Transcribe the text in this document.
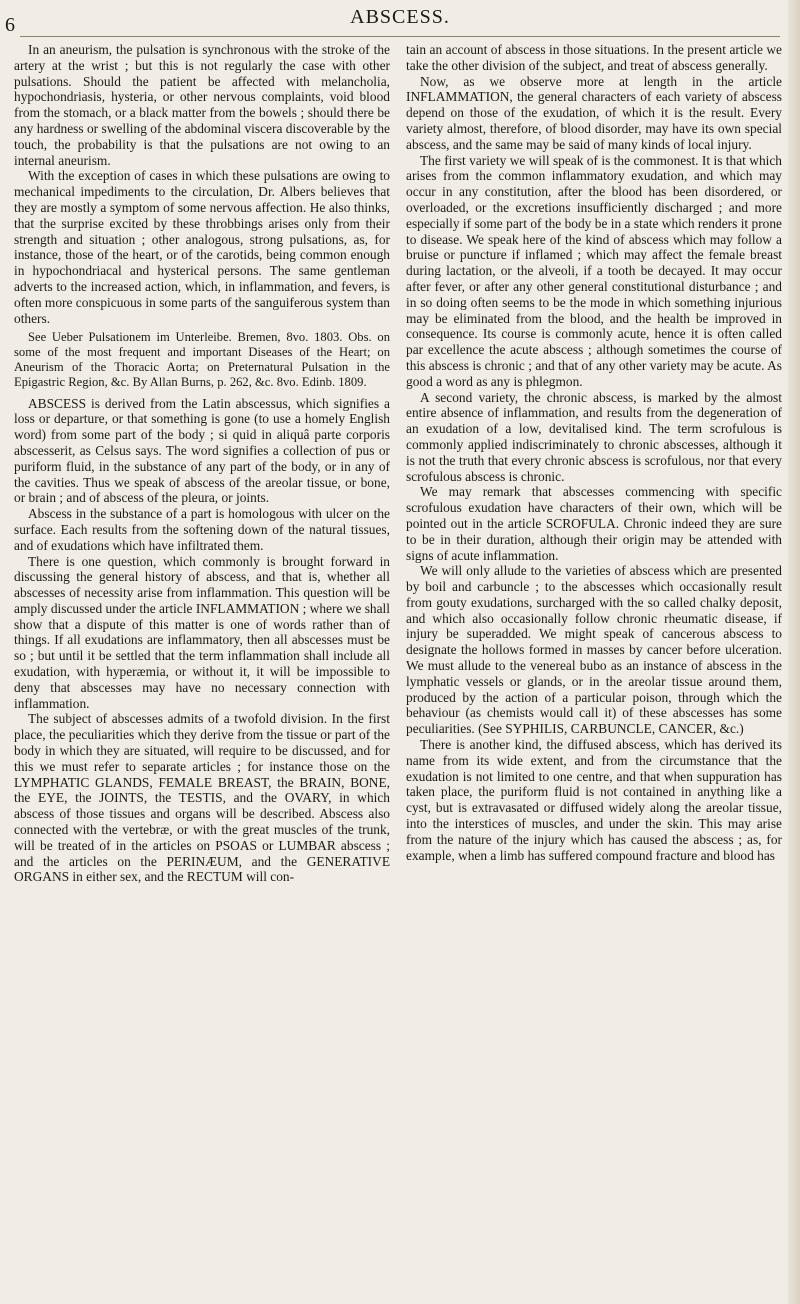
6	ABSCESS.

In an aneurism, the pulsation is synchronous with the stroke of the artery at the wrist ; but this is not regularly the case with other pulsations. Should the patient be affected with melancholia, hypochondriasis, hysteria, or other nervous complaints, void blood from the stomach, or a black matter from the bowels ; should there be any hardness or swelling of the abdominal viscera discoverable by the touch, the probability is that the pulsations are not owing to an internal aneurism.

With the exception of cases in which these pulsations are owing to mechanical impediments to the circulation, Dr. Albers believes that they are mostly a symptom of some nervous affection. He also thinks, that the surprise excited by these throbbings arises only from their strength and situation ; other analogous, strong pulsations, as, for instance, those of the heart, or of the carotids, being common enough in hypochondriacal and hysterical persons. The same gentleman adverts to the increased action, which, in inflammation, and fevers, is often more conspicuous in some parts of the sanguiferous system than others.

See Ueber Pulsationem im Unterleibe. Bremen, 8vo. 1803. Obs. on some of the most frequent and important Diseases of the Heart; on Aneurism of the Thoracic Aorta; on Preternatural Pulsation in the Epigastric Region, &c. By Allan Burns, p. 262, &c. 8vo. Edinb. 1809.

ABSCESS is derived from the Latin abscessus, which signifies a loss or departure, or that something is gone (to use a homely English word) from some part of the body ; si quid in aliquâ parte corporis abscesserit, as Celsus says. The word signifies a collection of pus or puriform fluid, in the substance of any part of the body, or in any of the cavities. Thus we speak of abscess of the areolar tissue, or bone, or brain ; and of abscess of the pleura, or joints.

Abscess in the substance of a part is homologous with ulcer on the surface. Each results from the softening down of the natural tissues, and of exudations which have infiltrated them.

There is one question, which commonly is brought forward in discussing the general history of abscess, and that is, whether all abscesses of necessity arise from inflammation. This question will be amply discussed under the article INFLAMMATION ; where we shall show that a dispute of this matter is one of words rather than of things. If all exudations are inflammatory, then all abscesses must be so ; but until it be settled that the term inflammation shall include all exudation, with hyperæmia, or without it, it will be impossible to deny that abscesses may have no necessary connection with inflammation.

The subject of abscesses admits of a twofold division. In the first place, the peculiarities which they derive from the tissue or part of the body in which they are situated, will require to be discussed, and for this we must refer to separate articles ; for instance those on the LYMPHATIC GLANDS, FEMALE BREAST, the BRAIN, BONE, the EYE, the JOINTS, the TESTIS, and the OVARY, in which abscess of those tissues and organs will be described. Abscess also connected with the vertebræ, or with the great muscles of the trunk, will be treated of in the articles on PSOAS or LUMBAR abscess ; and the articles on the PERINÆUM, and the GENERATIVE ORGANS in either sex, and the RECTUM will con-

tain an account of abscess in those situations. In the present article we take the other division of the subject, and treat of abscess generally.

Now, as we observe more at length in the article INFLAMMATION, the general characters of each variety of abscess depend on those of the exudation, of which it is the result. Every variety almost, therefore, of blood disorder, may have its own special abscess, and the same may be said of many kinds of local injury.

The first variety we will speak of is the commonest. It is that which arises from the common inflammatory exudation, and which may occur in any constitution, after the blood has been disordered, or overloaded, or the excretions insufficiently discharged ; and more especially if some part of the body be in a state which renders it prone to disease. We speak here of the kind of abscess which may follow a bruise or puncture if inflamed ; which may affect the female breast during lactation, or the alveoli, if a tooth be decayed. It may occur after fever, or after any other general constitutional disturbance ; and in so doing often seems to be the mode in which something injurious may be eliminated from the blood, and the health be improved in consequence. Its course is commonly acute, hence it is often called par excellence the acute abscess ; although sometimes the course of this abscess is chronic ; and that of any other variety may be acute. As good a word as any is phlegmon.

A second variety, the chronic abscess, is marked by the almost entire absence of inflammation, and results from the degeneration of an exudation of a low, devitalised kind. The term scrofulous is commonly applied indiscriminately to chronic abscesses, although it is not the truth that every chronic abscess is scrofulous, nor that every scrofulous abscess is chronic.

We may remark that abscesses commencing with specific scrofulous exudation have characters of their own, which will be pointed out in the article SCROFULA. Chronic indeed they are sure to be in their duration, although their origin may be attended with signs of acute inflammation.

We will only allude to the varieties of abscess which are presented by boil and carbuncle ; to the abscesses which occasionally result from gouty exudations, surcharged with the so called chalky deposit, and which also occasionally follow chronic rheumatic disease, if injury be superadded. We might speak of cancerous abscess to designate the hollows formed in masses by cancer before ulceration. We must allude to the venereal bubo as an instance of abscess in the lymphatic vessels or glands, or in the areolar tissue around them, produced by the action of a particular poison, through which the behaviour (as chemists would call it) of these abscesses has some peculiarities. (See SYPHILIS, CARBUNCLE, CANCER, &c.)

There is another kind, the diffused abscess, which has derived its name from its wide extent, and from the circumstance that the exudation is not limited to one centre, and that when suppuration has taken place, the puriform fluid is not contained in anything like a cyst, but is extravasated or diffused widely along the areolar tissue, into the interstices of muscles, and under the skin. This may arise from the nature of the injury which has caused the abscess ; as, for example, when a limb has suffered compound fracture and blood has
